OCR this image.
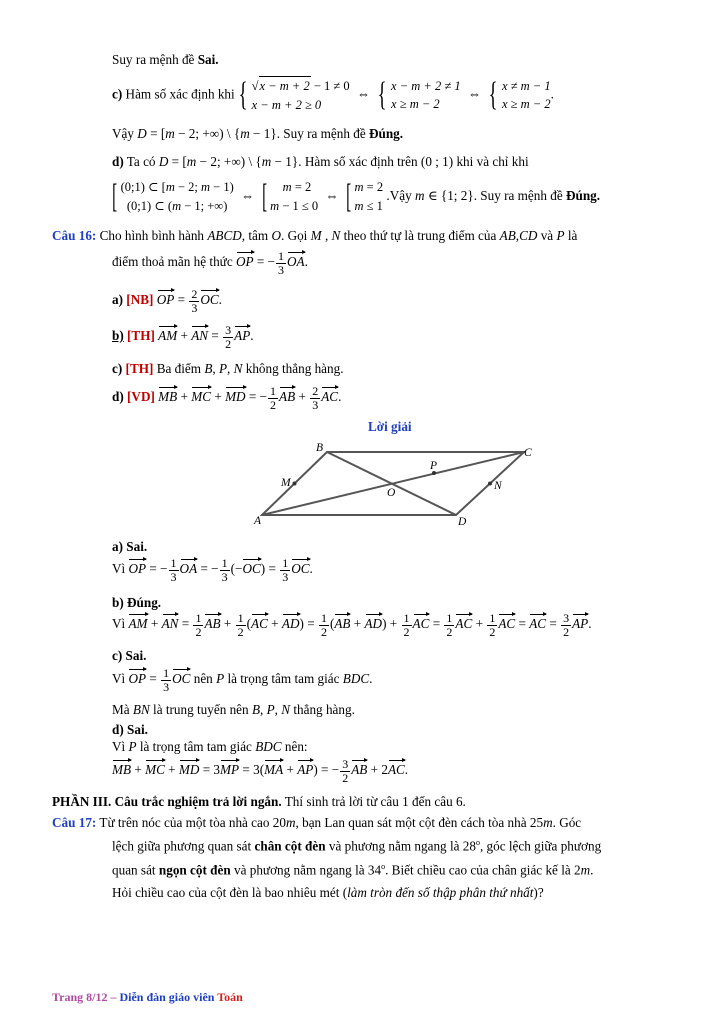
Suy ra mệnh đề Sai.
c) Hàm số xác định khi { √x − m + 2 − 1 ≠ 0
x − m + 2 ≥ 0
⇔ { x − m + 2 ≠ 1
x ≥ m − 2
⇔ { x ≠ m − 1
x ≥ m − 2
.
Vậy D = [m − 2; +∞) \ {m − 1}. Suy ra mệnh đề Đúng.
d) Ta có D = [m − 2; +∞) \ {m − 1}. Hàm số xác định trên (0 ; 1) khi và chỉ khi
[ (0;1) ⊂ [m − 2; m − 1)
(0;1) ⊂ (m − 1; +∞)
⇔ [	m = 2
m − 1 ≤ 0
⇔ [ m = 2
m ≤ 1
.Vậy m ∈ {1; 2}. Suy ra mệnh đề Đúng.
Câu 16: Cho hình bình hành ABCD, tâm O. Gọi M , N theo thứ tự là trung điểm của AB,CD và P là
điểm thoả mãn hệ thức OP = − $\frac{1}{3}$ OA.
a) [NB] OP = $\frac{2}{3}$ OC.
b) [TH] AM + AN = $\frac{3}{2}$ AP.
c) [TH] Ba điểm B, P, N không thẳng hàng.
d) [VD] MB + MC + MD = − $\frac{1}{2}$ AB + $\frac{2}{3}$ AC.
Lời giải
A
B	C
D
O
M	N
P
a) Sai.
Vì OP = − $\frac{1}{3}$ OA = − $\frac{1}{3} (-OC) = \frac{1}{3}$ OC.
b) Đúng.
Vì AM + AN = $\frac{1}{2}$ AB + $\frac{1}{2} (AC + AD) = \frac{1}{2} (AB + AD) + \frac{1}{2}$ AC = $\frac{1}{2}$ AC + $\frac{1}{2}$ AC = AC = $\frac{3}{2}$ AP.
c) Sai.
Vì OP = $\frac{1}{3}$ OC nên P là trọng tâm tam giác BDC.
Mà BN là trung tuyến nên B, P, N thẳng hàng.
d) Sai.
Vì P là trọng tâm tam giác BDC nên:
MB + MC + MD = 3MP = 3(MA + AP) = − $\frac{3}{2}$ AB + 2AC.
PHẦN III. Câu trắc nghiệm trả lời ngắn. Thí sinh trả lời từ câu 1 đến câu 6.
Câu 17: Từ trên nóc của một tòa nhà cao 20m, bạn Lan quan sát một cột đèn cách tòa nhà 25m. Góc
lệch giữa phương quan sát chân cột đèn và phương nằm ngang là 28$^o$, góc lệch giữa phương
quan sát ngọn cột đèn và phương nằm ngang là 34$^o$. Biết chiều cao của chân giác kế là 2m.
Hỏi chiều cao của cột đèn là bao nhiêu mét (làm tròn đến số thập phân thứ nhất)?
Trang 8/12 – Diễn đàn giáo viên Toán
